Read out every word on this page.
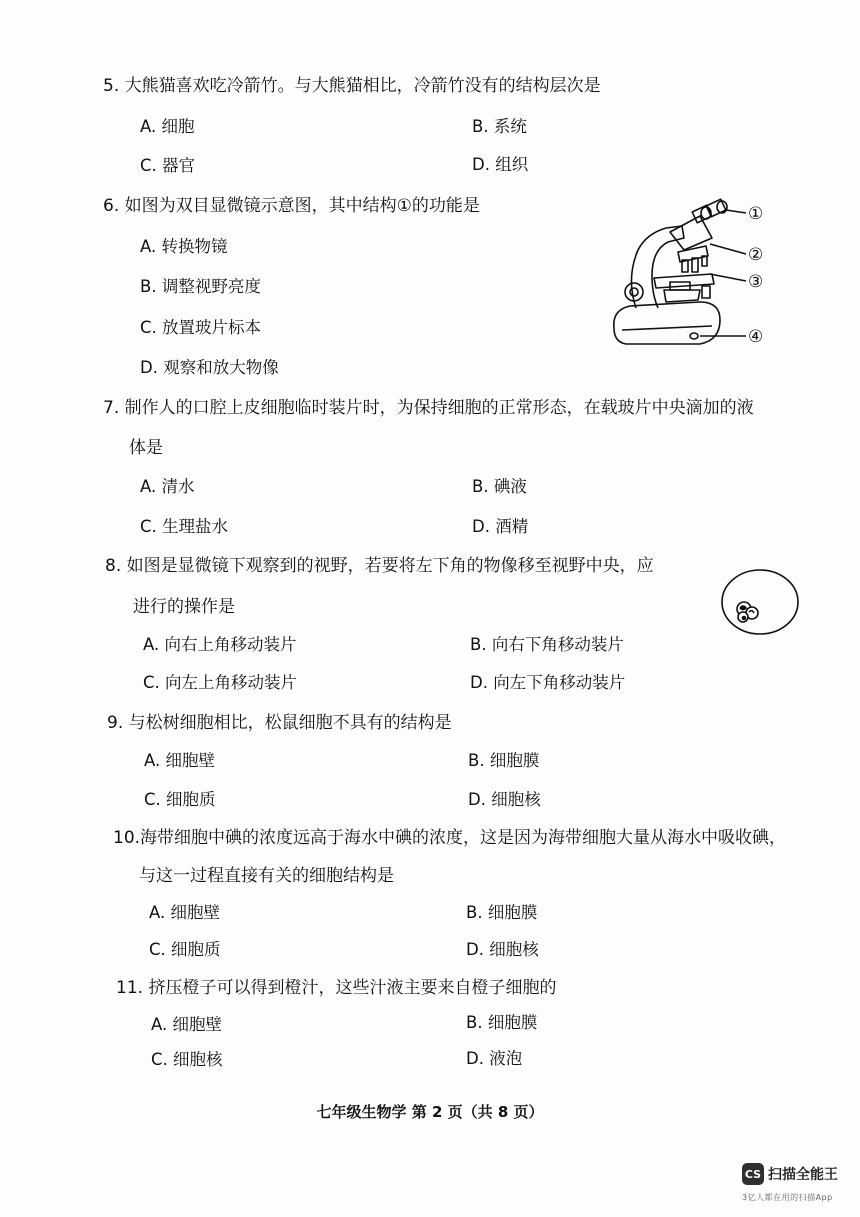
5. 大熊猫喜欢吃冷箭竹。与大熊猫相比，冷箭竹没有的结构层次是
A. 细胞	B. 系统
C. 器官	D. 组织
6. 如图为双目显微镜示意图，其中结构①的功能是
A. 转换物镜
B. 调整视野亮度
C. 放置玻片标本
D. 观察和放大物像
①
②
③
④
7. 制作人的口腔上皮细胞临时装片时，为保持细胞的正常形态，在载玻片中央滴加的液
体是
A. 清水	B. 碘液
C. 生理盐水	D. 酒精
8. 如图是显微镜下观察到的视野，若要将左下角的物像移至视野中央，应
进行的操作是
A. 向右上角移动装片	B. 向右下角移动装片
C. 向左上角移动装片	D. 向左下角移动装片
9. 与松树细胞相比，松鼠细胞不具有的结构是
A. 细胞壁	B. 细胞膜
C. 细胞质	D. 细胞核
10.海带细胞中碘的浓度远高于海水中碘的浓度，这是因为海带细胞大量从海水中吸收碘，
与这一过程直接有关的细胞结构是
A. 细胞壁	B. 细胞膜
C. 细胞质	D. 细胞核
11. 挤压橙子可以得到橙汁，这些汁液主要来自橙子细胞的
A. 细胞壁	B. 细胞膜
C. 细胞核	D. 液泡
七年级生物学 第 2 页（共 8 页）
CS 扫描全能王
3亿人都在用的扫描App
